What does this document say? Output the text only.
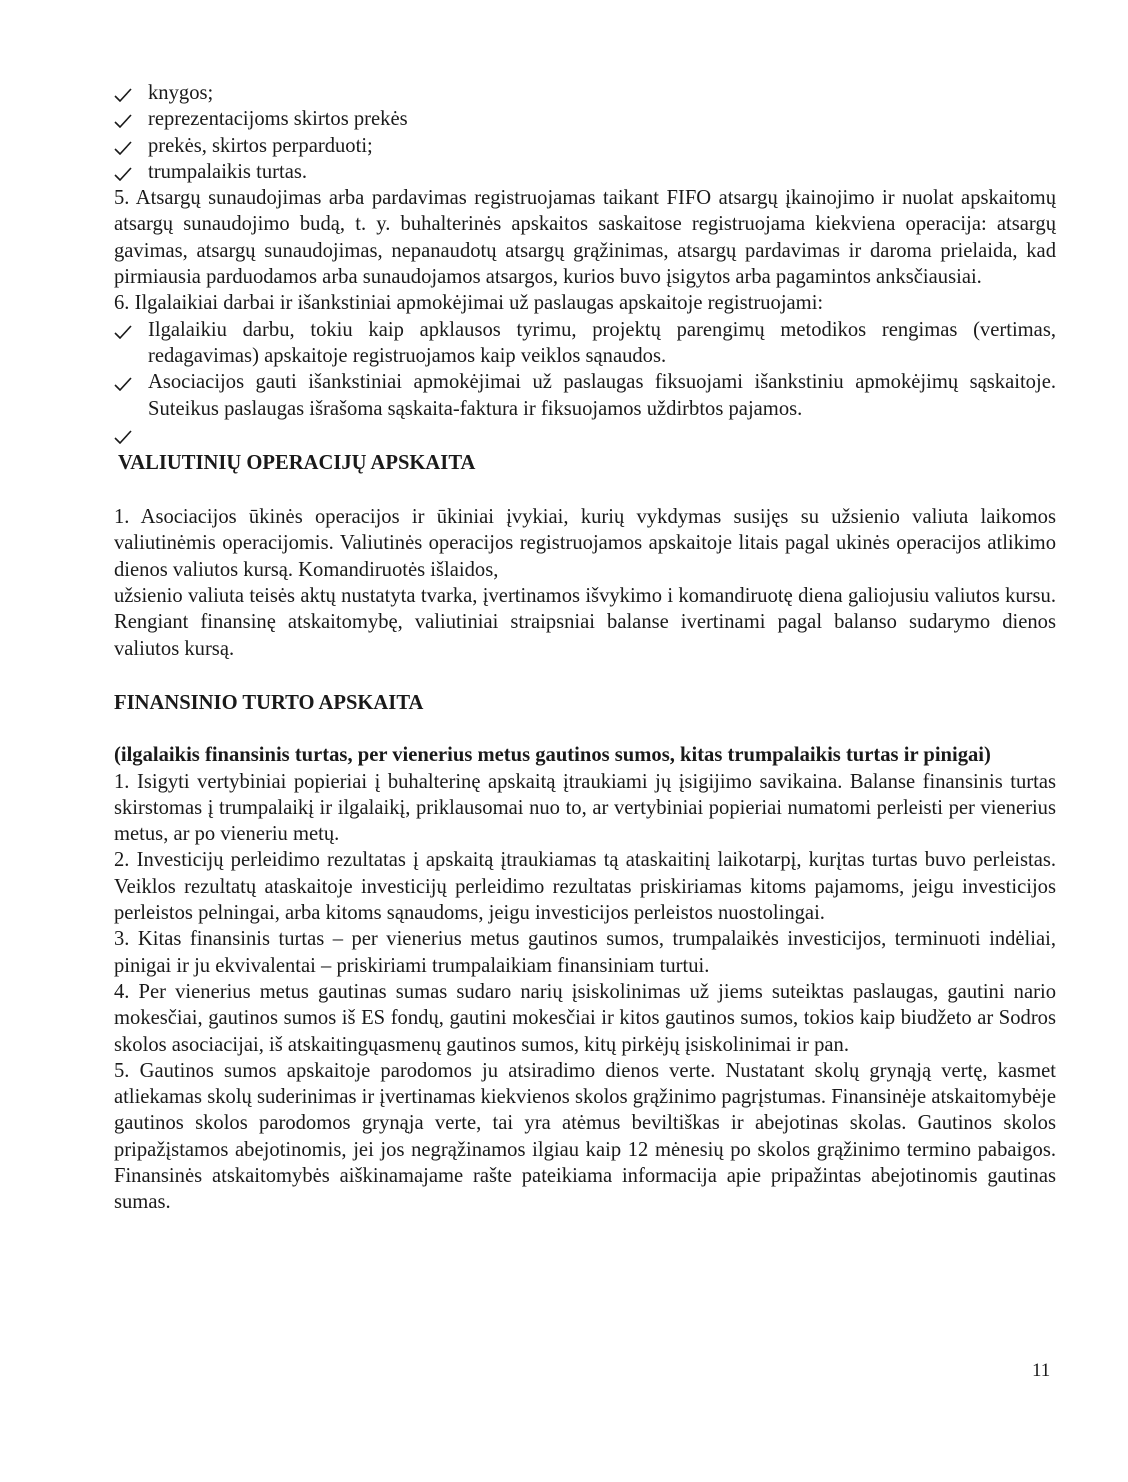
knygos;
reprezentacijoms skirtos prekės
prekės, skirtos perparduoti;
trumpalaikis turtas.
5. Atsargų sunaudojimas arba pardavimas registruojamas taikant FIFO atsargų įkainojimo ir nuolat apskaitomų atsargų sunaudojimo budą, t. y. buhalterinės apskaitos saskaitose registruojama kiekviena operacija: atsargų gavimas, atsargų sunaudojimas, nepanaudotų atsargų grąžinimas, atsargų pardavimas ir daroma prielaida, kad pirmiausia parduodamos arba sunaudojamos atsargos, kurios buvo įsigytos arba pagamintos anksčiausiai.
6. Ilgalaikiai darbai ir išankstiniai apmokėjimai už paslaugas apskaitoje registruojami:
Ilgalaikiu darbu, tokiu kaip apklausos tyrimu, projektų parengimų metodikos rengimas (vertimas, redagavimas) apskaitoje registruojamos kaip veiklos sąnaudos.
Asociacijos gauti išankstiniai apmokėjimai už paslaugas fiksuojami išankstiniu apmokėjimų sąskaitoje. Suteikus paslaugas išrašoma sąskaita-faktura ir fiksuojamos uždirbtos pajamos.
VALIUTINIŲ OPERACIJŲ APSKAITA
1. Asociacijos ūkinės operacijos ir ūkiniai įvykiai, kurių vykdymas susijęs su užsienio valiuta laikomos valiutinėmis operacijomis. Valiutinės operacijos registruojamos apskaitoje litais pagal ukinės operacijos atlikimo dienos valiutos kursą. Komandiruotės išlaidos,
užsienio valiuta teisės aktų nustatyta tvarka, įvertinamos išvykimo i komandiruotę diena galiojusiu valiutos kursu. Rengiant finansinę atskaitomybę, valiutiniai straipsniai balanse ivertinami pagal balanso sudarymo dienos valiutos kursą.
FINANSINIO TURTO APSKAITA
(ilgalaikis finansinis turtas, per vienerius metus gautinos sumos, kitas trumpalaikis turtas ir pinigai)
1. Isigyti vertybiniai popieriai į buhalterinę apskaitą įtraukiami jų įsigijimo savikaina. Balanse finansinis turtas skirstomas į trumpalaikį ir ilgalaikį, priklausomai nuo to, ar vertybiniai popieriai numatomi perleisti per vienerius metus, ar po vieneriu metų.
2. Investicijų perleidimo rezultatas į apskaitą įtraukiamas tą ataskaitinį laikotarpį, kurįtas turtas buvo perleistas. Veiklos rezultatų ataskaitoje investicijų perleidimo rezultatas priskiriamas kitoms pajamoms, jeigu investicijos perleistos pelningai, arba kitoms sąnaudoms, jeigu investicijos perleistos nuostolingai.
3. Kitas finansinis turtas – per vienerius metus gautinos sumos, trumpalaikės investicijos, terminuoti indėliai, pinigai ir ju ekvivalentai – priskiriami trumpalaikiam finansiniam turtui.
4. Per vienerius metus gautinas sumas sudaro narių įsiskolinimas už jiems suteiktas paslaugas, gautini nario mokesčiai, gautinos sumos iš ES fondų, gautini mokesčiai ir kitos gautinos sumos, tokios kaip biudžeto ar Sodros skolos asociacijai, iš atskaitingųasmenų gautinos sumos, kitų pirkėjų įsiskolinimai ir pan.
5. Gautinos sumos apskaitoje parodomos ju atsiradimo dienos verte. Nustatant skolų grynąją vertę, kasmet atliekamas skolų suderinimas ir įvertinamas kiekvienos skolos grąžinimo pagrįstumas. Finansinėje atskaitomybėje gautinos skolos parodomos grynąja verte, tai yra atėmus beviltiškas ir abejotinas skolas. Gautinos skolos pripažįstamos abejotinomis, jei jos negrąžinamos ilgiau kaip 12 mėnesių po skolos grąžinimo termino pabaigos. Finansinės atskaitomybės aiškinamajame rašte pateikiama informacija apie pripažintas abejotinomis gautinas sumas.
11
